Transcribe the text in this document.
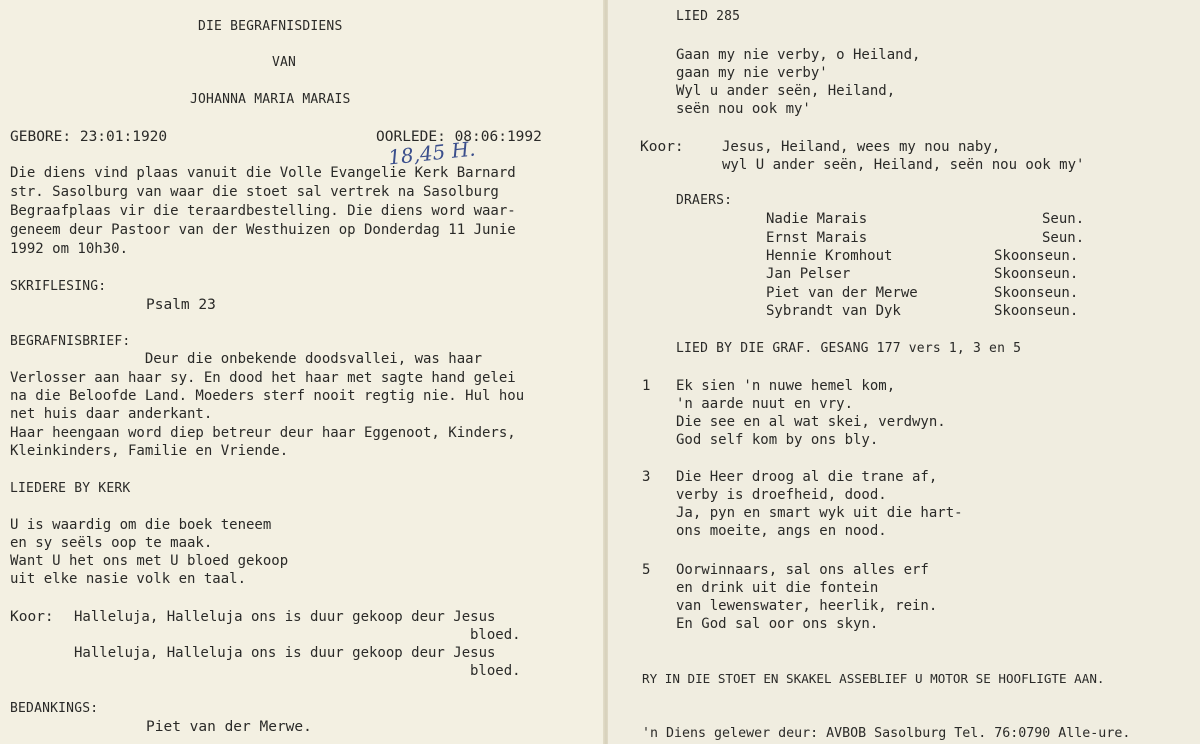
DIE BEGRAFNISDIENS
VAN
JOHANNA MARIA MARAIS
GEBORE: 23:01:1920	OORLEDE: 08:06:1992
18,45 H.
Die diens vind plaas vanuit die Volle Evangelie Kerk Barnard
str. Sasolburg van waar die stoet sal vertrek na Sasolburg
Begraafplaas vir die teraardbestelling. Die diens word waar-
geneem deur Pastoor van der Westhuizen op Donderdag 11 Junie
1992 om 10h30.
SKRIFLESING:
Psalm 23
BEGRAFNISBRIEF:
Deur die onbekende doodsvallei, was haar
Verlosser aan haar sy. En dood het haar met sagte hand gelei
na die Beloofde Land. Moeders sterf nooit regtig nie. Hul hou
net huis daar anderkant.
Haar heengaan word diep betreur deur haar Eggenoot, Kinders,
Kleinkinders, Familie en Vriende.
LIEDERE BY KERK
U is waardig om die boek teneem
en sy seëls oop te maak.
Want U het ons met U bloed gekoop
uit elke nasie volk en taal.
Koor: Halleluja, Halleluja ons is duur gekoop deur Jesus
bloed.
Halleluja, Halleluja ons is duur gekoop deur Jesus
bloed.
BEDANKINGS:
Piet van der Merwe.
LIED 285
Gaan my nie verby, o Heiland,
gaan my nie verby'
Wyl u ander seën, Heiland,
seën nou ook my'
Koor:	Jesus, Heiland, wees my nou naby,
wyl U ander seën, Heiland, seën nou ook my'
DRAERS:
Nadie Marais	Seun.
Ernst Marais	Seun.
Hennie Kromhout	Skoonseun.
Jan Pelser	Skoonseun.
Piet van der Merwe	Skoonseun.
Sybrandt van Dyk	Skoonseun.
LIED BY DIE GRAF. GESANG 177 vers 1, 3 en 5
1 Ek sien 'n nuwe hemel kom,
'n aarde nuut en vry.
Die see en al wat skei, verdwyn.
God self kom by ons bly.
3 Die Heer droog al die trane af,
verby is droefheid, dood.
Ja, pyn en smart wyk uit die hart-
ons moeite, angs en nood.
5 Oorwinnaars, sal ons alles erf
en drink uit die fontein
van lewenswater, heerlik, rein.
En God sal oor ons skyn.
RY IN DIE STOET EN SKAKEL ASSEBLIEF U MOTOR SE HOOFLIGTE AAN.
'n Diens gelewer deur: AVBOB Sasolburg Tel. 76:0790 Alle-ure.
